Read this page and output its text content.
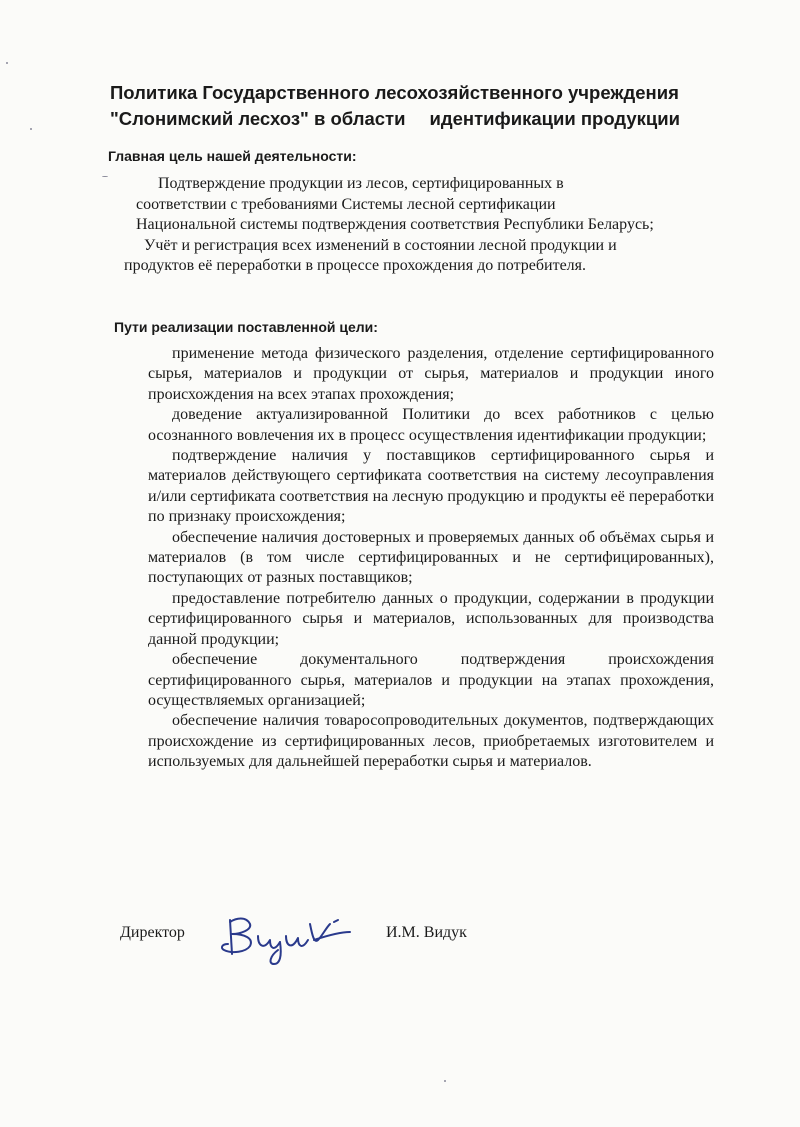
Политика Государственного лесохозяйственного учреждения
"Слонимский лесхоз" в области идентификации продукции
Главная цель нашей деятельности:

Подтверждение продукции из лесов, сертифицированных в соответствии с требованиями Системы лесной сертификации Национальной системы подтверждения соответствия Республики Беларусь;

Учёт и регистрация всех изменений в состоянии лесной продукции и продуктов её переработки в процессе прохождения до потребителя.

Пути реализации поставленной цели:

применение метода физического разделения, отделение сертифицированного сырья, материалов и продукции от сырья, материалов и продукции иного происхождения на всех этапах прохождения;

доведение актуализированной Политики до всех работников с целью осознанного вовлечения их в процесс осуществления идентификации продукции;

подтверждение наличия у поставщиков сертифицированного сырья и материалов действующего сертификата соответствия на систему лесоуправления и/или сертификата соответствия на лесную продукцию и продукты её переработки по признаку происхождения;

обеспечение наличия достоверных и проверяемых данных об объёмах сырья и материалов (в том числе сертифицированных и не сертифицированных), поступающих от разных поставщиков;

предоставление потребителю данных о продукции, содержании в продукции сертифицированного сырья и материалов, использованных для производства данной продукции;

обеспечение документального подтверждения происхождения сертифицированного сырья, материалов и продукции на этапах прохождения, осуществляемых организацией;

обеспечение наличия товаросопроводительных документов, подтверждающих происхождение из сертифицированных лесов, приобретаемых изготовителем и используемых для дальнейшей переработки сырья и материалов.

Директор	И.М. Видук
